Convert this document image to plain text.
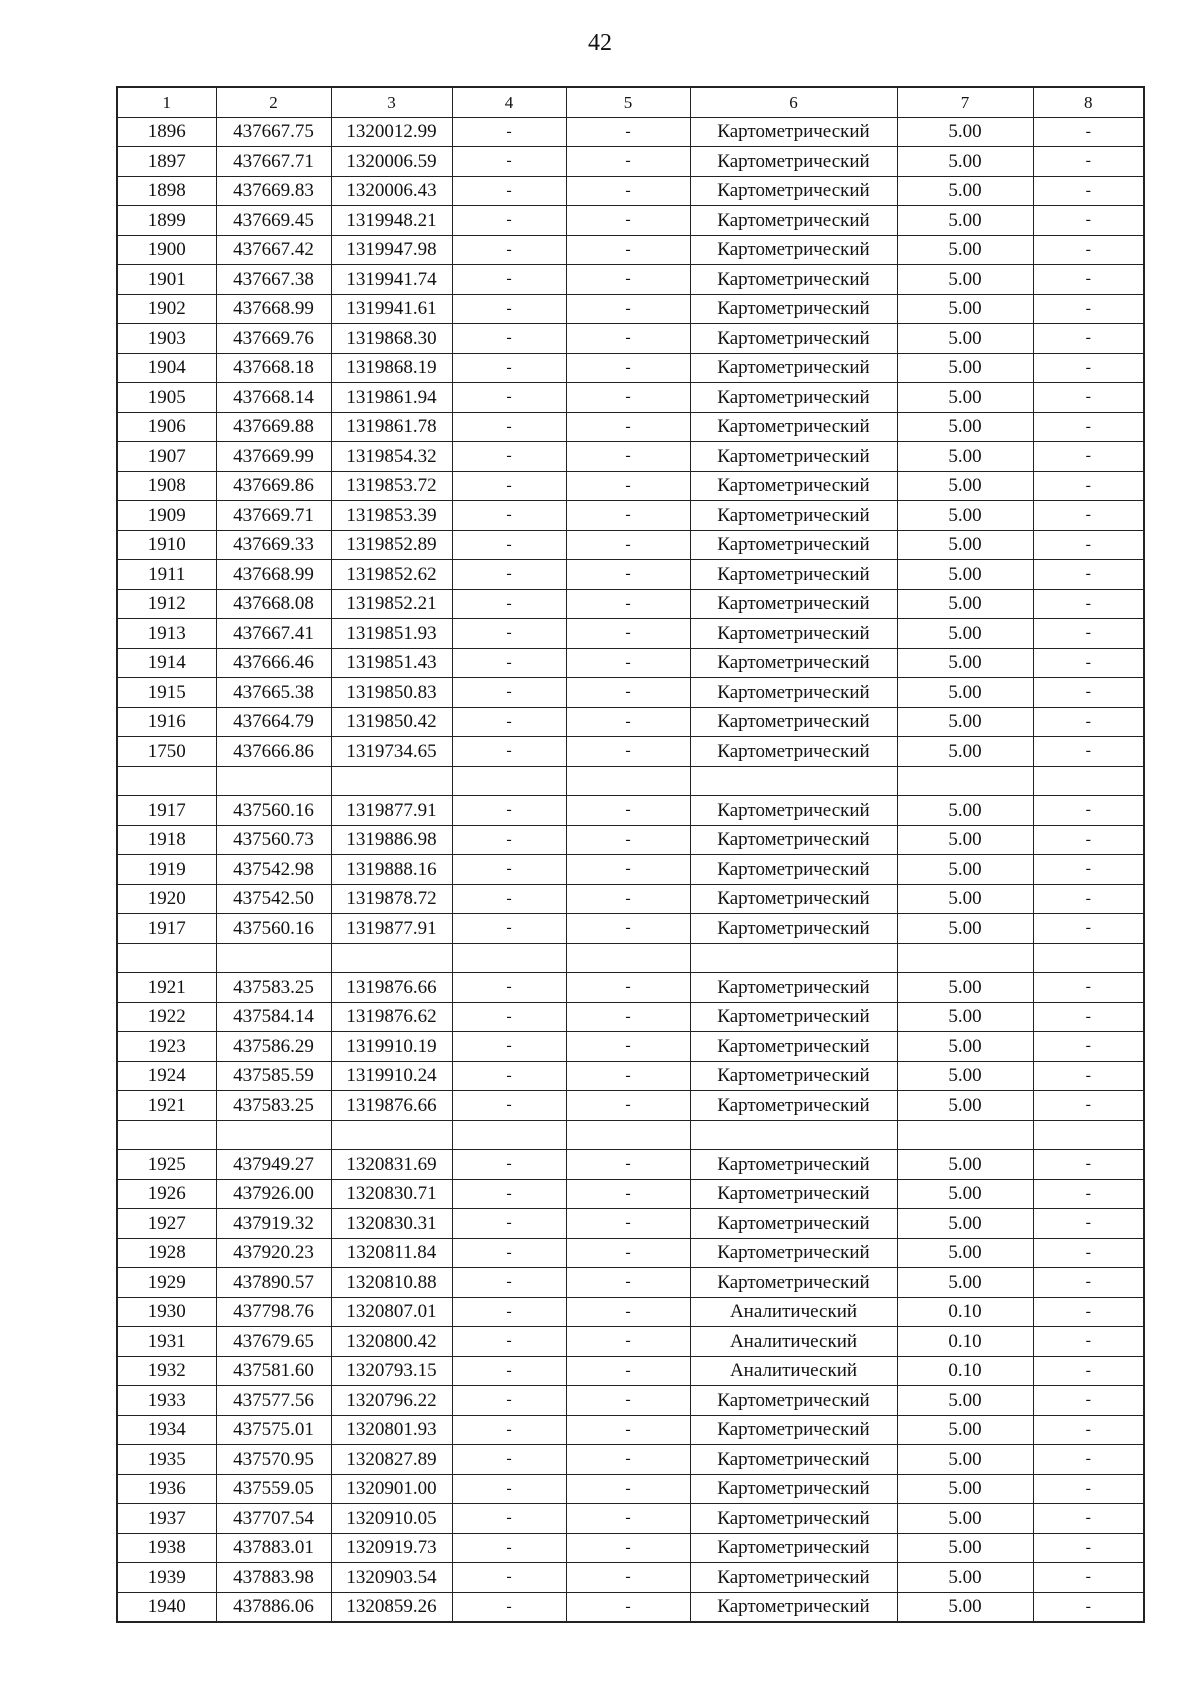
42
1	2	3	4	5	6	7	8
1896	437667.75	1320012.99	-	-	Картометрический	5.00	-
1897	437667.71	1320006.59	-	-	Картометрический	5.00	-
1898	437669.83	1320006.43	-	-	Картометрический	5.00	-
1899	437669.45	1319948.21	-	-	Картометрический	5.00	-
1900	437667.42	1319947.98	-	-	Картометрический	5.00	-
1901	437667.38	1319941.74	-	-	Картометрический	5.00	-
1902	437668.99	1319941.61	-	-	Картометрический	5.00	-
1903	437669.76	1319868.30	-	-	Картометрический	5.00	-
1904	437668.18	1319868.19	-	-	Картометрический	5.00	-
1905	437668.14	1319861.94	-	-	Картометрический	5.00	-
1906	437669.88	1319861.78	-	-	Картометрический	5.00	-
1907	437669.99	1319854.32	-	-	Картометрический	5.00	-
1908	437669.86	1319853.72	-	-	Картометрический	5.00	-
1909	437669.71	1319853.39	-	-	Картометрический	5.00	-
1910	437669.33	1319852.89	-	-	Картометрический	5.00	-
1911	437668.99	1319852.62	-	-	Картометрический	5.00	-
1912	437668.08	1319852.21	-	-	Картометрический	5.00	-
1913	437667.41	1319851.93	-	-	Картометрический	5.00	-
1914	437666.46	1319851.43	-	-	Картометрический	5.00	-
1915	437665.38	1319850.83	-	-	Картометрический	5.00	-
1916	437664.79	1319850.42	-	-	Картометрический	5.00	-
1750	437666.86	1319734.65	-	-	Картометрический	5.00	-

1917	437560.16	1319877.91	-	-	Картометрический	5.00	-
1918	437560.73	1319886.98	-	-	Картометрический	5.00	-
1919	437542.98	1319888.16	-	-	Картометрический	5.00	-
1920	437542.50	1319878.72	-	-	Картометрический	5.00	-
1917	437560.16	1319877.91	-	-	Картометрический	5.00	-

1921	437583.25	1319876.66	-	-	Картометрический	5.00	-
1922	437584.14	1319876.62	-	-	Картометрический	5.00	-
1923	437586.29	1319910.19	-	-	Картометрический	5.00	-
1924	437585.59	1319910.24	-	-	Картометрический	5.00	-
1921	437583.25	1319876.66	-	-	Картометрический	5.00	-

1925	437949.27	1320831.69	-	-	Картометрический	5.00	-
1926	437926.00	1320830.71	-	-	Картометрический	5.00	-
1927	437919.32	1320830.31	-	-	Картометрический	5.00	-
1928	437920.23	1320811.84	-	-	Картометрический	5.00	-
1929	437890.57	1320810.88	-	-	Картометрический	5.00	-
1930	437798.76	1320807.01	-	-	Аналитический	0.10	-
1931	437679.65	1320800.42	-	-	Аналитический	0.10	-
1932	437581.60	1320793.15	-	-	Аналитический	0.10	-
1933	437577.56	1320796.22	-	-	Картометрический	5.00	-
1934	437575.01	1320801.93	-	-	Картометрический	5.00	-
1935	437570.95	1320827.89	-	-	Картометрический	5.00	-
1936	437559.05	1320901.00	-	-	Картометрический	5.00	-
1937	437707.54	1320910.05	-	-	Картометрический	5.00	-
1938	437883.01	1320919.73	-	-	Картометрический	5.00	-
1939	437883.98	1320903.54	-	-	Картометрический	5.00	-
1940	437886.06	1320859.26	-	-	Картометрический	5.00	-
